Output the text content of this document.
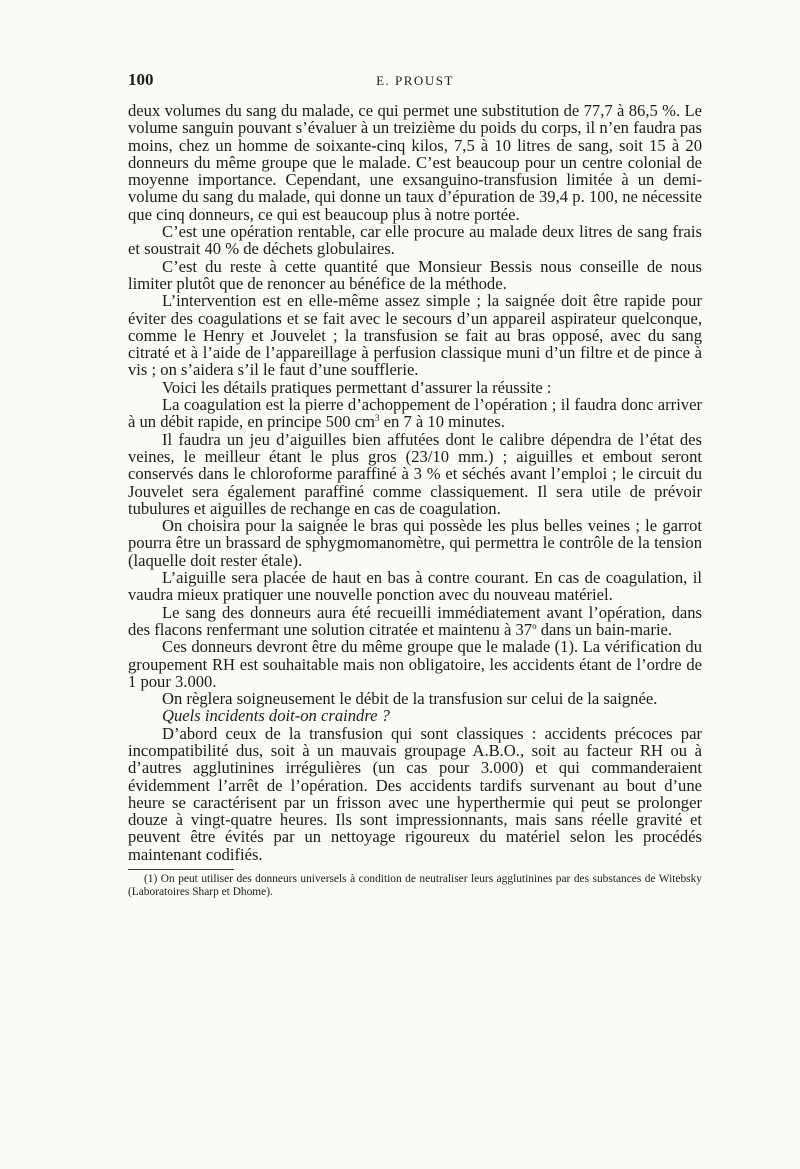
100	E. PROUST

deux volumes du sang du malade, ce qui permet une substitution de 77,7 à 86,5 %. Le volume sanguin pouvant s’évaluer à un treizième du poids du corps, il n’en faudra pas moins, chez un homme de soixante-cinq kilos, 7,5 à 10 litres de sang, soit 15 à 20 donneurs du même groupe que le malade. C’est beaucoup pour un centre colonial de moyenne importance. Cependant, une exsanguino-transfusion limitée à un demi-volume du sang du malade, qui donne un taux d’épuration de 39,4 p. 100, ne nécessite que cinq donneurs, ce qui est beaucoup plus à notre portée.

C’est une opération rentable, car elle procure au malade deux litres de sang frais et soustrait 40 % de déchets globulaires.

C’est du reste à cette quantité que Monsieur Bessis nous conseille de nous limiter plutôt que de renoncer au bénéfice de la méthode.

L’intervention est en elle-même assez simple ; la saignée doit être rapide pour éviter des coagulations et se fait avec le secours d’un appareil aspirateur quelconque, comme le Henry et Jouvelet ; la transfusion se fait au bras opposé, avec du sang citraté et à l’aide de l’appareillage à perfusion classique muni d’un filtre et de pince à vis ; on s’aidera s’il le faut d’une soufflerie.

Voici les détails pratiques permettant d’assurer la réussite :

La coagulation est la pierre d’achoppement de l’opération ; il faudra donc arriver à un débit rapide, en principe 500 $cm^3$ en 7 à 10 minutes.

Il faudra un jeu d’aiguilles bien affutées dont le calibre dépendra de l’état des veines, le meilleur étant le plus gros (23/10 mm.) ; aiguilles et embout seront conservés dans le chloroforme paraffiné à 3 % et séchés avant l’emploi ; le circuit du Jouvelet sera également paraffiné comme classiquement. Il sera utile de prévoir tubulures et aiguilles de rechange en cas de coagulation.

On choisira pour la saignée le bras qui possède les plus belles veines ; le garrot pourra être un brassard de sphygmomanomètre, qui permettra le contrôle de la tension (laquelle doit rester étale).

L’aiguille sera placée de haut en bas à contre courant. En cas de coagulation, il vaudra mieux pratiquer une nouvelle ponction avec du nouveau matériel.

Le sang des donneurs aura été recueilli immédiatement avant l’opération, dans des flacons renfermant une solution citratée et maintenu à 37$^o$ dans un bain-marie.

Ces donneurs devront être du même groupe que le malade (1). La vérification du groupement RH est souhaitable mais non obligatoire, les accidents étant de l’ordre de 1 pour 3.000.

On règlera soigneusement le débit de la transfusion sur celui de la saignée.

Quels incidents doit-on craindre ?

D’abord ceux de la transfusion qui sont classiques : accidents précoces par incompatibilité dus, soit à un mauvais groupage A.B.O., soit au facteur RH ou à d’autres agglutinines irrégulières (un cas pour 3.000) et qui commanderaient évidemment l’arrêt de l’opération. Des accidents tardifs survenant au bout d’une heure se caractérisent par un frisson avec une hyperthermie qui peut se prolonger douze à vingt-quatre heures. Ils sont impressionnants, mais sans réelle gravité et peuvent être évités par un nettoyage rigoureux du matériel selon les procédés maintenant codifiés.

(1) On peut utiliser des donneurs universels à condition de neutraliser leurs agglutinines par des substances de Witebsky (Laboratoires Sharp et Dhome).
